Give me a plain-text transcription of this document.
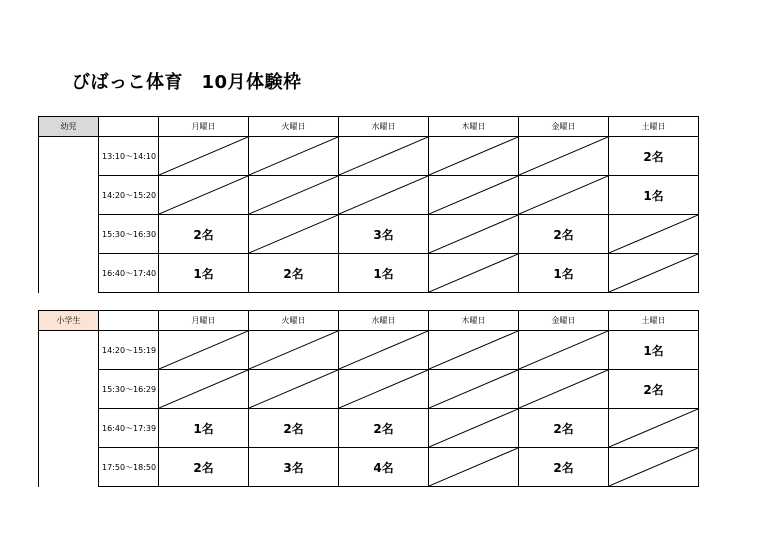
びばっこ体育　10月体験枠
幼児		月曜日	火曜日	水曜日	木曜日	金曜日	土曜日
	13:10〜14:10						2名
	14:20〜15:20						1名
	15:30〜16:30	2名		3名		2名	

	16:40〜17:40	1名	2名	1名		1名	
小学生		月曜日	火曜日	水曜日	木曜日	金曜日	土曜日
	14:20〜15:19						1名
	15:30〜16:29						2名
	16:40〜17:39	1名	2名	2名		2名	

	17:50〜18:50	2名	3名	4名		2名	
